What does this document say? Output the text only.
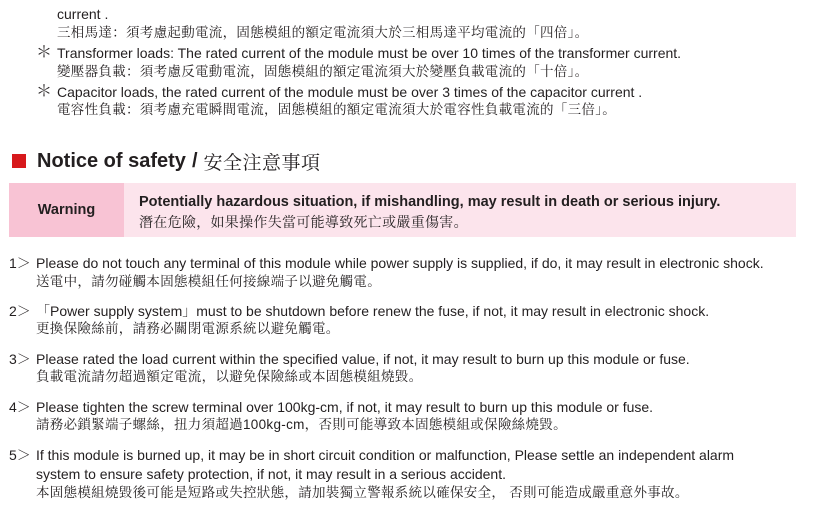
current .
三相馬達：須考慮起動電流，固態模組的額定電流須大於三相馬達平均電流的「四倍」。
＊ Transformer loads: The rated current of the module must be over 10 times of the transformer current.
變壓器負載：須考慮反電動電流，固態模組的額定電流須大於變壓負載電流的「十倍」。
＊ Capacitor loads, the rated current of the module must be over 3 times of the capacitor current .
電容性負載：須考慮充電瞬間電流，固態模組的額定電流須大於電容性負載電流的「三倍」。
Notice of safety / 安全注意事項
Warning	Potentially hazardous situation, if mishandling, may result in death or serious injury.
潛在危險，如果操作失當可能導致死亡或嚴重傷害。
1＞ Please do not touch any terminal of this module while power supply is supplied, if do, it may result in electronic shock.
送電中，請勿碰觸本固態模組任何接線端子以避免觸電。
2＞ 「Power supply system」must to be shutdown before renew the fuse, if not, it may result in electronic shock.
更換保險絲前，請務必關閉電源系統以避免觸電。
3＞ Please rated the load current within the specified value, if not, it may result to burn up this module or fuse.
負載電流請勿超過額定電流，以避免保險絲或本固態模組燒毀。
4＞ Please tighten the screw terminal over 100kg-cm, if not, it may result to burn up this module or fuse.
請務必鎖緊端子螺絲，扭力須超過100kg-cm，否則可能導致本固態模組或保險絲燒毀。
5＞ If this module is burned up, it may be in short circuit condition or malfunction, Please settle an independent alarm
system to ensure safety protection, if not, it may result in a serious accident.
本固態模組燒毀後可能是短路或失控狀態，請加裝獨立警報系統以確保安全， 否則可能造成嚴重意外事故。
